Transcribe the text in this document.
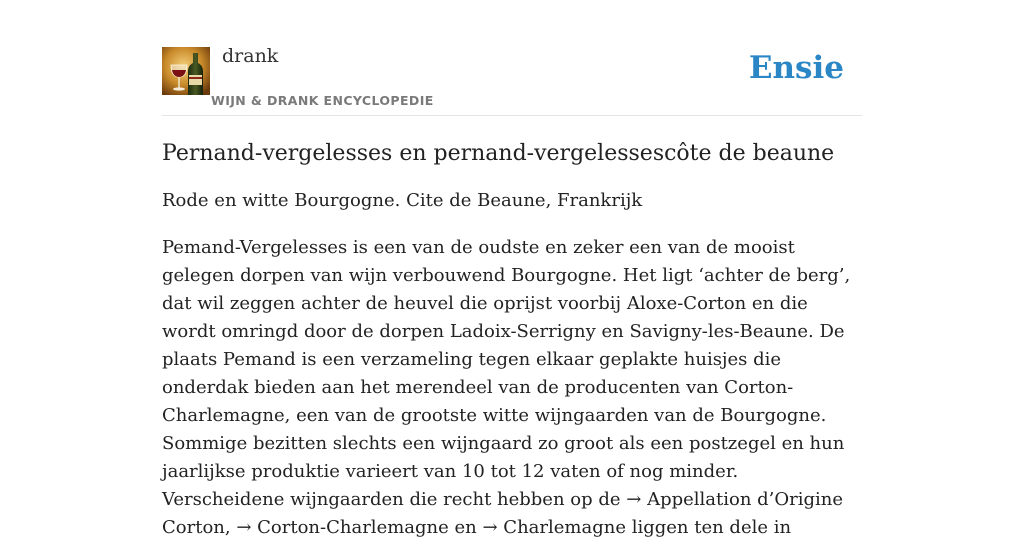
drank
WIJN & DRANK ENCYCLOPEDIE
Ensie
Pernand-vergelesses en pernand-vergelessescôte de beaune

Rode en witte Bourgogne. Cite de Beaune, Frankrijk

Pemand-Vergelesses is een van de oudste en zeker een van de mooist gelegen dorpen van wijn verbouwend Bourgogne. Het ligt ‘achter de berg’, dat wil zeggen achter de heuvel die oprijst voorbij Aloxe-Corton en die wordt omringd door de dorpen Ladoix-Serrigny en Savigny-les-Beaune. De plaats Pemand is een verzameling tegen elkaar geplakte huisjes die onderdak bieden aan het merendeel van de producenten van Corton-Charlemagne, een van de grootste witte wijngaarden van de Bourgogne. Sommige bezitten slechts een wijngaard zo groot als een postzegel en hun jaarlijkse produktie varieert van 10 tot 12 vaten of nog minder. Verscheidene wijngaarden die recht hebben op de → Appellation d’Origine Corton, → Corton-Charlemagne en → Charlemagne liggen ten dele in
